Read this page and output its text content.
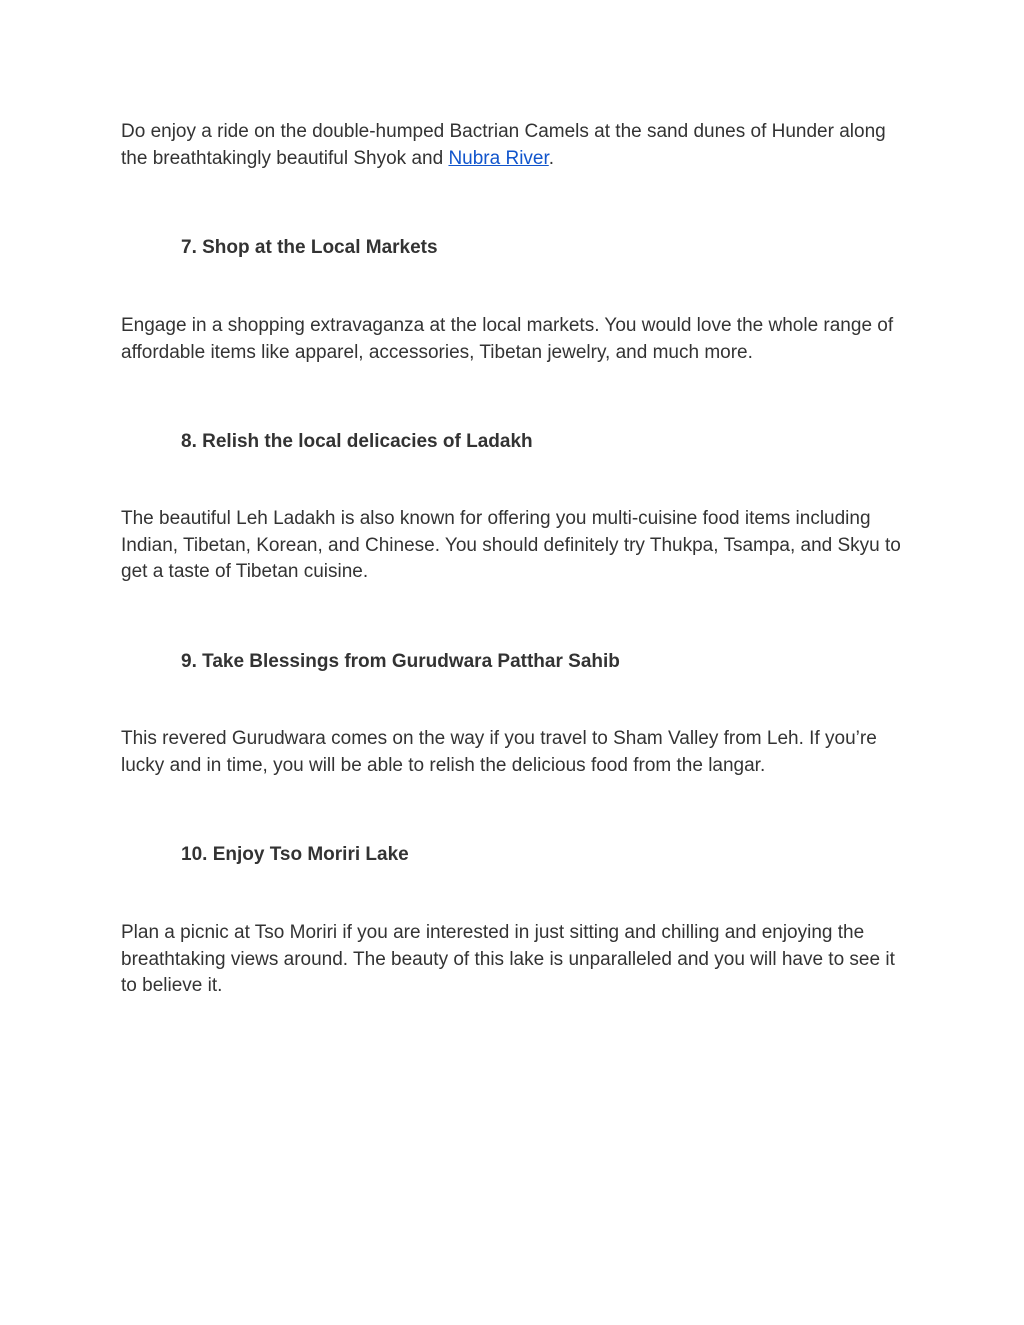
Do enjoy a ride on the double-humped Bactrian Camels at the sand dunes of Hunder along the breathtakingly beautiful Shyok and Nubra River.

7. Shop at the Local Markets

Engage in a shopping extravaganza at the local markets. You would love the whole range of affordable items like apparel, accessories, Tibetan jewelry, and much more.

8. Relish the local delicacies of Ladakh

The beautiful Leh Ladakh is also known for offering you multi-cuisine food items including Indian, Tibetan, Korean, and Chinese. You should definitely try Thukpa, Tsampa, and Skyu to get a taste of Tibetan cuisine.

9. Take Blessings from Gurudwara Patthar Sahib

This revered Gurudwara comes on the way if you travel to Sham Valley from Leh. If you’re lucky and in time, you will be able to relish the delicious food from the langar.

10. Enjoy Tso Moriri Lake

Plan a picnic at Tso Moriri if you are interested in just sitting and chilling and enjoying the breathtaking views around. The beauty of this lake is unparalleled and you will have to see it to believe it.
